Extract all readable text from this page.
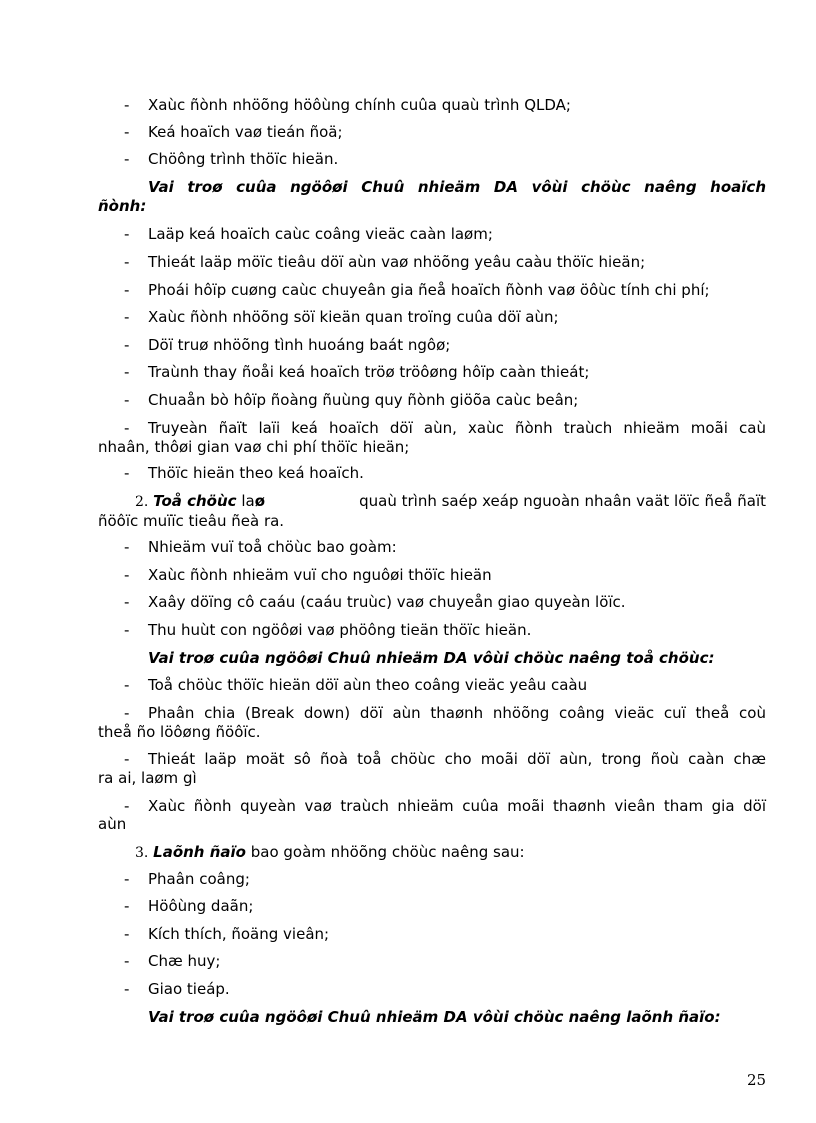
- Xaùc ñònh nhöõng höôùng chính cuûa quaù trình QLDA;
- Keá hoaïch vaø tieán ñoä;
- Chöông trình thöïc hieän.
Vai troø cuûa ngöôøi Chuû nhieäm DA vôùi chöùc naêng hoaïch
ñònh:
- Laäp keá hoaïch caùc coâng vieäc caàn laøm;
- Thieát laäp möïc tieâu döï aùn vaø nhöõng yeâu caàu thöïc hieän;
- Phoái hôïp cuøng caùc chuyeân gia ñeå hoaïch ñònh vaø öôùc tính chi phí;
- Xaùc ñònh nhöõng söï kieän quan troïng cuûa döï aùn;
- Döï truø nhöõng tình huoáng baát ngôø;
- Traùnh thay ñoåi keá hoaïch tröø tröôøng hôïp caàn thieát;
- Chuaån bò hôïp ñoàng ñuùng quy ñònh giöõa caùc beân;
- Truyeàn ñaït laïi keá hoaïch döï aùn, xaùc ñònh traùch nhieäm moãi caù
nhaân, thôøi gian vaø chi phí thöïc hieän;
- Thöïc hieän theo keá hoaïch.
2. Toå chöùc laø	quaù trình saép xeáp nguoàn nhaân vaät löïc ñeå ñaït
ñöôïc muïïc tieâu ñeà ra.
- Nhieäm vuï toå chöùc bao goàm:
- Xaùc ñònh nhieäm vuï cho nguôøi thöïc hieän
- Xaây döïng cô caáu (caáu truùc) vaø chuyeån giao quyeàn löïc.
- Thu huùt con ngöôøi vaø phöông tieän thöïc hieän.
Vai troø cuûa ngöôøi Chuû nhieäm DA vôùi chöùc naêng toå chöùc:
- Toå chöùc thöïc hieän döï aùn theo coâng vieäc yeâu caàu
- Phaân chia (Break down) döï aùn thaønh nhöõng coâng vieäc cuï theå coù
theå ño löôøng ñöôïc.
- Thieát laäp moät sô ñoà toå chöùc cho moãi döï aùn, trong ñoù caàn chæ
ra ai, laøm gì
- Xaùc ñònh quyeàn vaø traùch nhieäm cuûa moãi thaønh vieân tham gia döï
aùn
3. Laõnh ñaïo bao goàm nhöõng chöùc naêng sau:
- Phaân coâng;
- Höôùng daãn;
- Kích thích, ñoäng vieân;
- Chæ huy;
- Giao tieáp.
Vai troø cuûa ngöôøi Chuû nhieäm DA vôùi chöùc naêng laõnh ñaïo:
25
